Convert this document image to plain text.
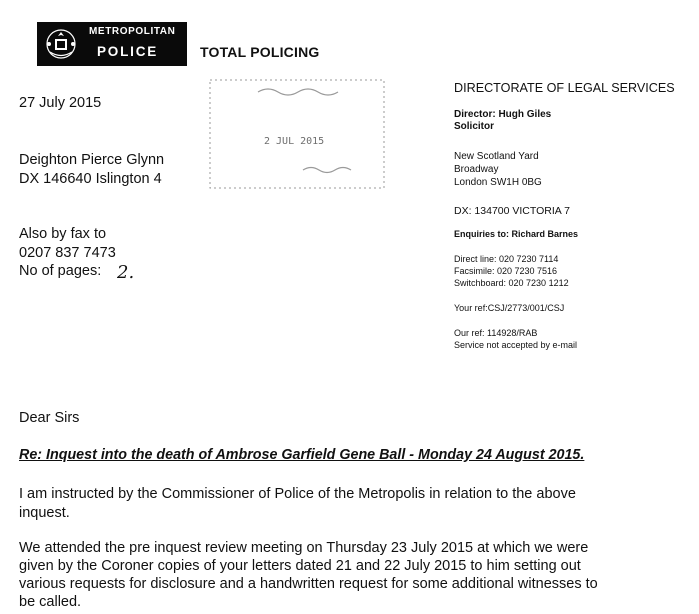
METROPOLITAN
POLICE	TOTAL POLICING
2 JUL 2015
27 July 2015
Deighton Pierce Glynn
DX 146640 Islington 4
Also by fax to
0207 837 7473
No of pages: 2.
DIRECTORATE OF LEGAL SERVICES
Director: Hugh Giles
Solicitor
New Scotland Yard
Broadway
London SW1H 0BG
DX: 134700 VICTORIA 7
Enquiries to: Richard Barnes
Direct line: 020 7230 7114
Facsimile: 020 7230 7516
Switchboard: 020 7230 1212
Your ref:CSJ/2773/001/CSJ
Our ref: 114928/RAB
Service not accepted by e-mail
Dear Sirs
Re: Inquest into the death of Ambrose Garfield Gene Ball - Monday 24 August 2015.
I am instructed by the Commissioner of Police of the Metropolis in relation to the above
inquest.
We attended the pre inquest review meeting on Thursday 23 July 2015 at which we were
given by the Coroner copies of your letters dated 21 and 22 July 2015 to him setting out
various requests for disclosure and a handwritten request for some additional witnesses to
be called.
